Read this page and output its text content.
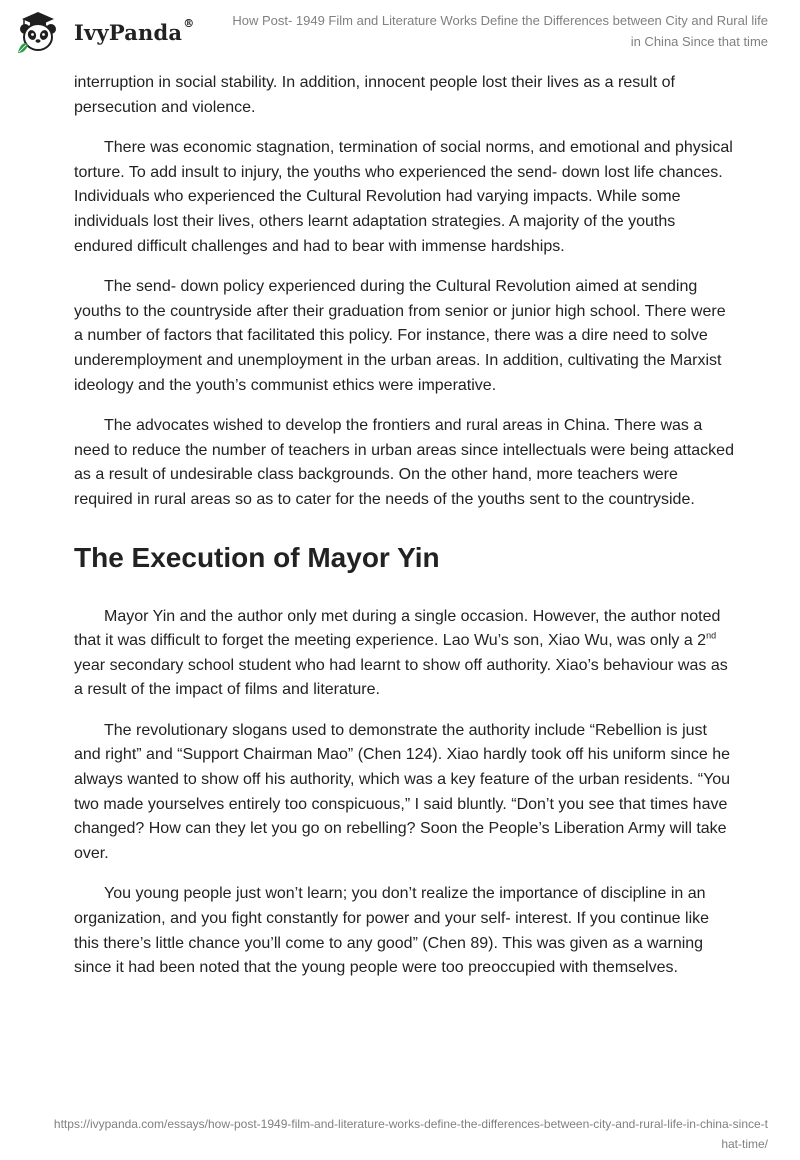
IvyPanda®	How Post- 1949 Film and Literature Works Define the Differences between City and Rural life in China Since that time

interruption in social stability. In addition, innocent people lost their lives as a result of persecution and violence.

There was economic stagnation, termination of social norms, and emotional and physical torture. To add insult to injury, the youths who experienced the send- down lost life chances. Individuals who experienced the Cultural Revolution had varying impacts. While some individuals lost their lives, others learnt adaptation strategies. A majority of the youths endured difficult challenges and had to bear with immense hardships.

The send- down policy experienced during the Cultural Revolution aimed at sending youths to the countryside after their graduation from senior or junior high school. There were a number of factors that facilitated this policy. For instance, there was a dire need to solve underemployment and unemployment in the urban areas. In addition, cultivating the Marxist ideology and the youth’s communist ethics were imperative.

The advocates wished to develop the frontiers and rural areas in China. There was a need to reduce the number of teachers in urban areas since intellectuals were being attacked as a result of undesirable class backgrounds. On the other hand, more teachers were required in rural areas so as to cater for the needs of the youths sent to the countryside.

The Execution of Mayor Yin

Mayor Yin and the author only met during a single occasion. However, the author noted that it was difficult to forget the meeting experience. Lao Wu’s son, Xiao Wu, was only a 2nd year secondary school student who had learnt to show off authority. Xiao’s behaviour was as a result of the impact of films and literature.

The revolutionary slogans used to demonstrate the authority include “Rebellion is just and right” and “Support Chairman Mao” (Chen 124). Xiao hardly took off his uniform since he always wanted to show off his authority, which was a key feature of the urban residents. “You two made yourselves entirely too conspicuous,” I said bluntly. “Don’t you see that times have changed? How can they let you go on rebelling? Soon the People’s Liberation Army will take over.

You young people just won’t learn; you don’t realize the importance of discipline in an organization, and you fight constantly for power and your self- interest. If you continue like this there’s little chance you’ll come to any good” (Chen 89). This was given as a warning since it had been noted that the young people were too preoccupied with themselves.

https://ivypanda.com/essays/how-post-1949-film-and-literature-works-define-the-differences-between-city-and-rural-life-in-china-since-that-time/
